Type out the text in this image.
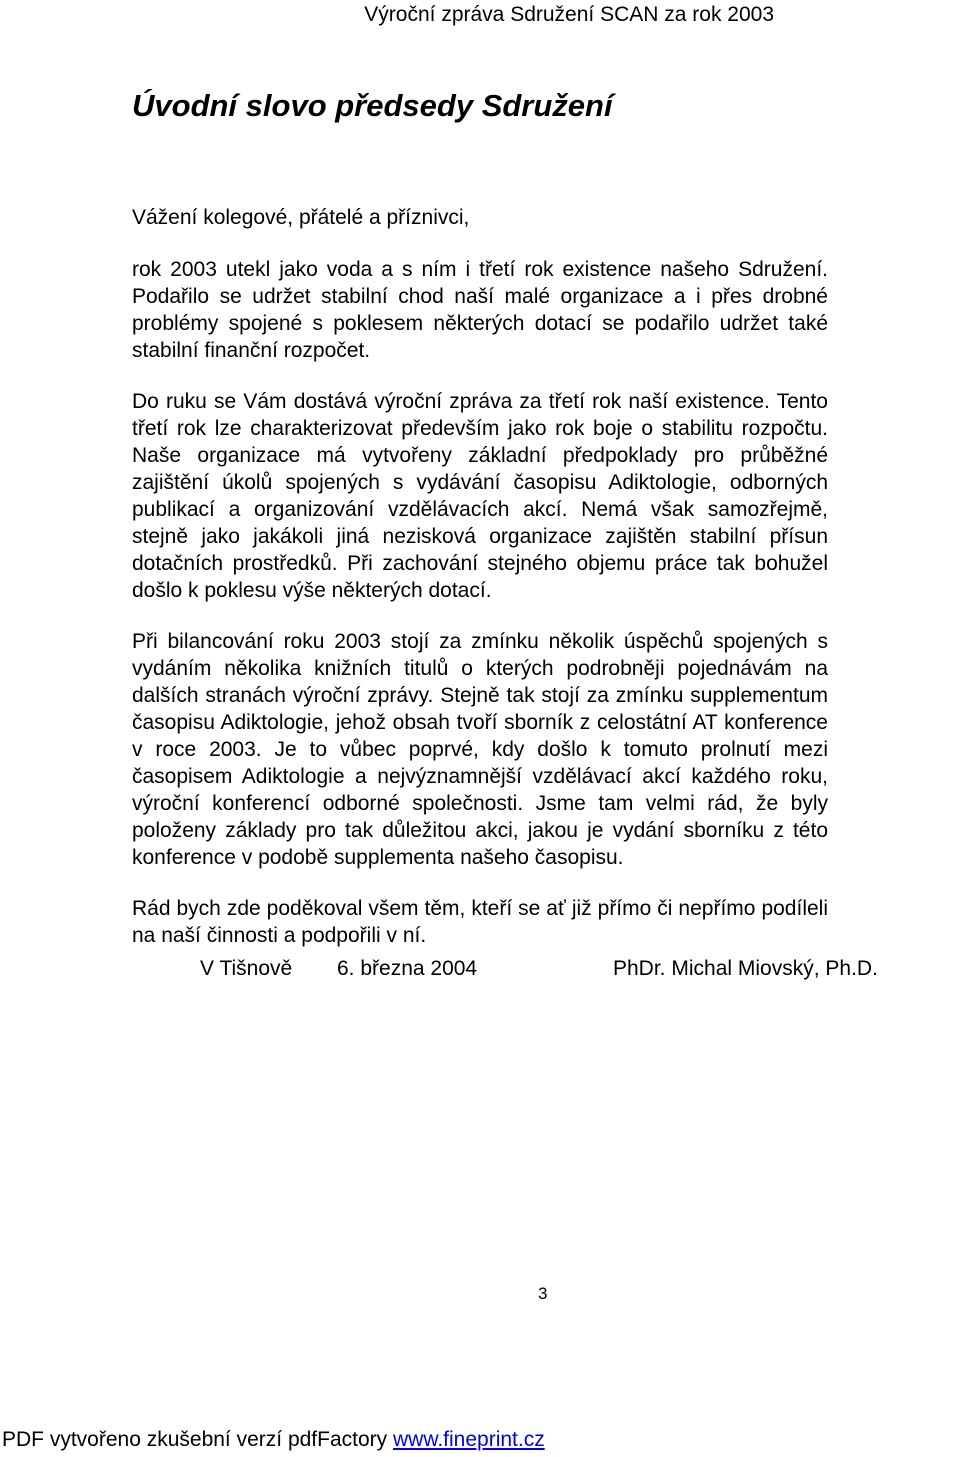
Výroční zpráva Sdružení SCAN za rok 2003
Úvodní slovo předsedy Sdružení
Vážení kolegové, přátelé a příznivci,

rok 2003 utekl jako voda a s ním i třetí rok existence našeho Sdružení. Podařilo se udržet stabilní chod naší malé organizace a i přes drobné problémy spojené s poklesem některých dotací se podařilo udržet také stabilní finanční rozpočet.

Do ruku se Vám dostává výroční zpráva za třetí rok naší existence. Tento třetí rok lze charakterizovat především jako rok boje o stabilitu rozpočtu. Naše organizace má vytvořeny základní předpoklady pro průběžné zajištění úkolů spojených s vydávání časopisu Adiktologie, odborných publikací a organizování vzdělávacích akcí. Nemá však samozřejmě, stejně jako jakákoli jiná nezisková organizace zajištěn stabilní přísun dotačních prostředků. Při zachování stejného objemu práce tak bohužel došlo k poklesu výše některých dotací.

Při bilancování roku 2003 stojí za zmínku několik úspěchů spojených s vydáním několika knižních titulů o kterých podrobněji pojednávám na dalších stranách výroční zprávy. Stejně tak stojí za zmínku supplementum časopisu Adiktologie, jehož obsah tvoří sborník z celostátní AT konference v roce 2003. Je to vůbec poprvé, kdy došlo k tomuto prolnutí mezi časopisem Adiktologie a nejvýznamnější vzdělávací akcí každého roku, výroční konferencí odborné společnosti. Jsme tam velmi rád, že byly položeny základy pro tak důležitou akci, jakou je vydání sborníku z této konference v podobě supplementa našeho časopisu.

Rád bych zde poděkoval všem těm, kteří se ať již přímo či nepřímo podíleli na naší činnosti a podpořili v ní.

V Tišnově 6. března 2004	PhDr. Michal Miovský, Ph.D.
3
PDF vytvořeno zkušební verzí pdfFactory www.fineprint.cz
